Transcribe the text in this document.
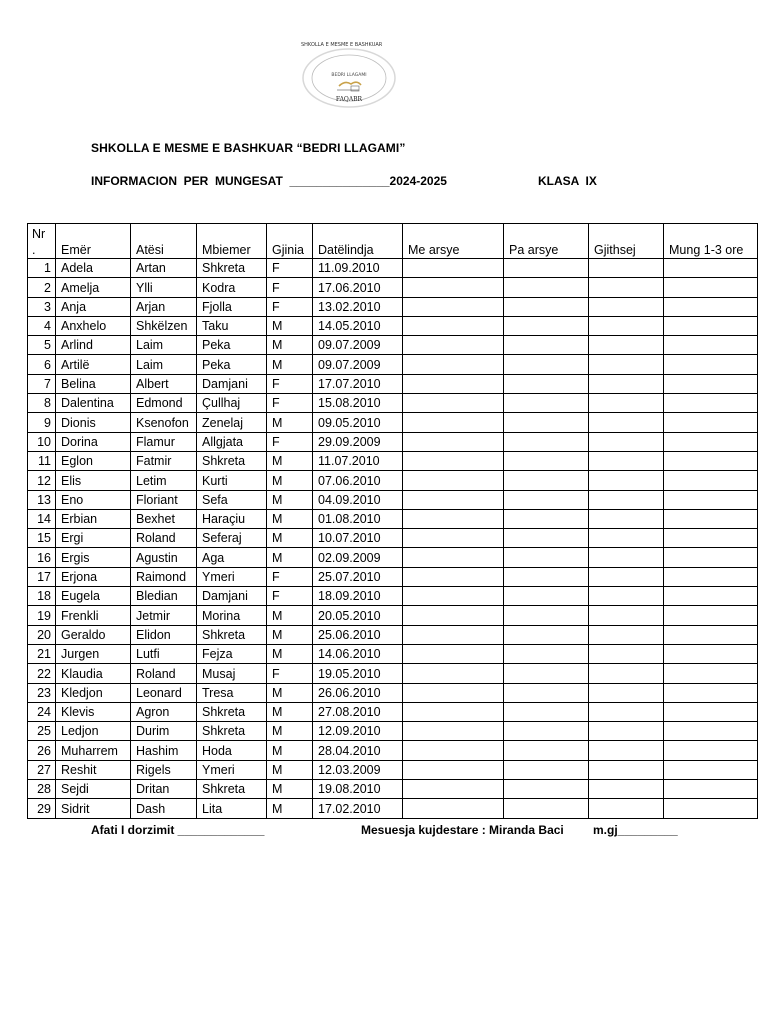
SHKOLLA E MESME E BASHKUAR
BEDRI LLAGAMI
FAQABR
SHKOLLA E MESME E BASHKUAR “BEDRI LLAGAMI”
INFORMACION  PER  MUNGESAT  _______________2024-2025	KLASA  IX
Nr .	Emër	Atësi	Mbiemer	Gjinia	Datëlindja	Me arsye	Pa arsye	Gjithsej	Mung 1-3 ore
1	Adela	Artan	Shkreta	F	11.09.2010				
2	Amelja	Ylli	Kodra	F	17.06.2010				
3	Anja	Arjan	Fjolla	F	13.02.2010				
4	Anxhelo	Shkëlzen	Taku	M	14.05.2010				
5	Arlind	Laim	Peka	M	09.07.2009				
6	Artilë	Laim	Peka	M	09.07.2009				
7	Belina	Albert	Damjani	F	17.07.2010				
8	Dalentina	Edmond	Çullhaj	F	15.08.2010				
9	Dionis	Ksenofon	Zenelaj	M	09.05.2010				
10	Dorina	Flamur	Allgjata	F	29.09.2009				
11	Eglon	Fatmir	Shkreta	M	11.07.2010				
12	Elis	Letim	Kurti	M	07.06.2010				
13	Eno	Floriant	Sefa	M	04.09.2010				
14	Erbian	Bexhet	Haraçiu	M	01.08.2010				
15	Ergi	Roland	Seferaj	M	10.07.2010				
16	Ergis	Agustin	Aga	M	02.09.2009				
17	Erjona	Raimond	Ymeri	F	25.07.2010				
18	Eugela	Bledian	Damjani	F	18.09.2010				
19	Frenkli	Jetmir	Morina	M	20.05.2010				
20	Geraldo	Elidon	Shkreta	M	25.06.2010				
21	Jurgen	Lutfi	Fejza	M	14.06.2010				
22	Klaudia	Roland	Musaj	F	19.05.2010				
23	Kledjon	Leonard	Tresa	M	26.06.2010				
24	Klevis	Agron	Shkreta	M	27.08.2010				
25	Ledjon	Durim	Shkreta	M	12.09.2010				
26	Muharrem	Hashim	Hoda	M	28.04.2010				
27	Reshit	Rigels	Ymeri	M	12.03.2009				
28	Sejdi	Dritan	Shkreta	M	19.08.2010				
29	Sidrit	Dash	Lita	M	17.02.2010				
Afati I dorzimit _____________	Mesuesja kujdestare : Miranda Baci m.gj_________
